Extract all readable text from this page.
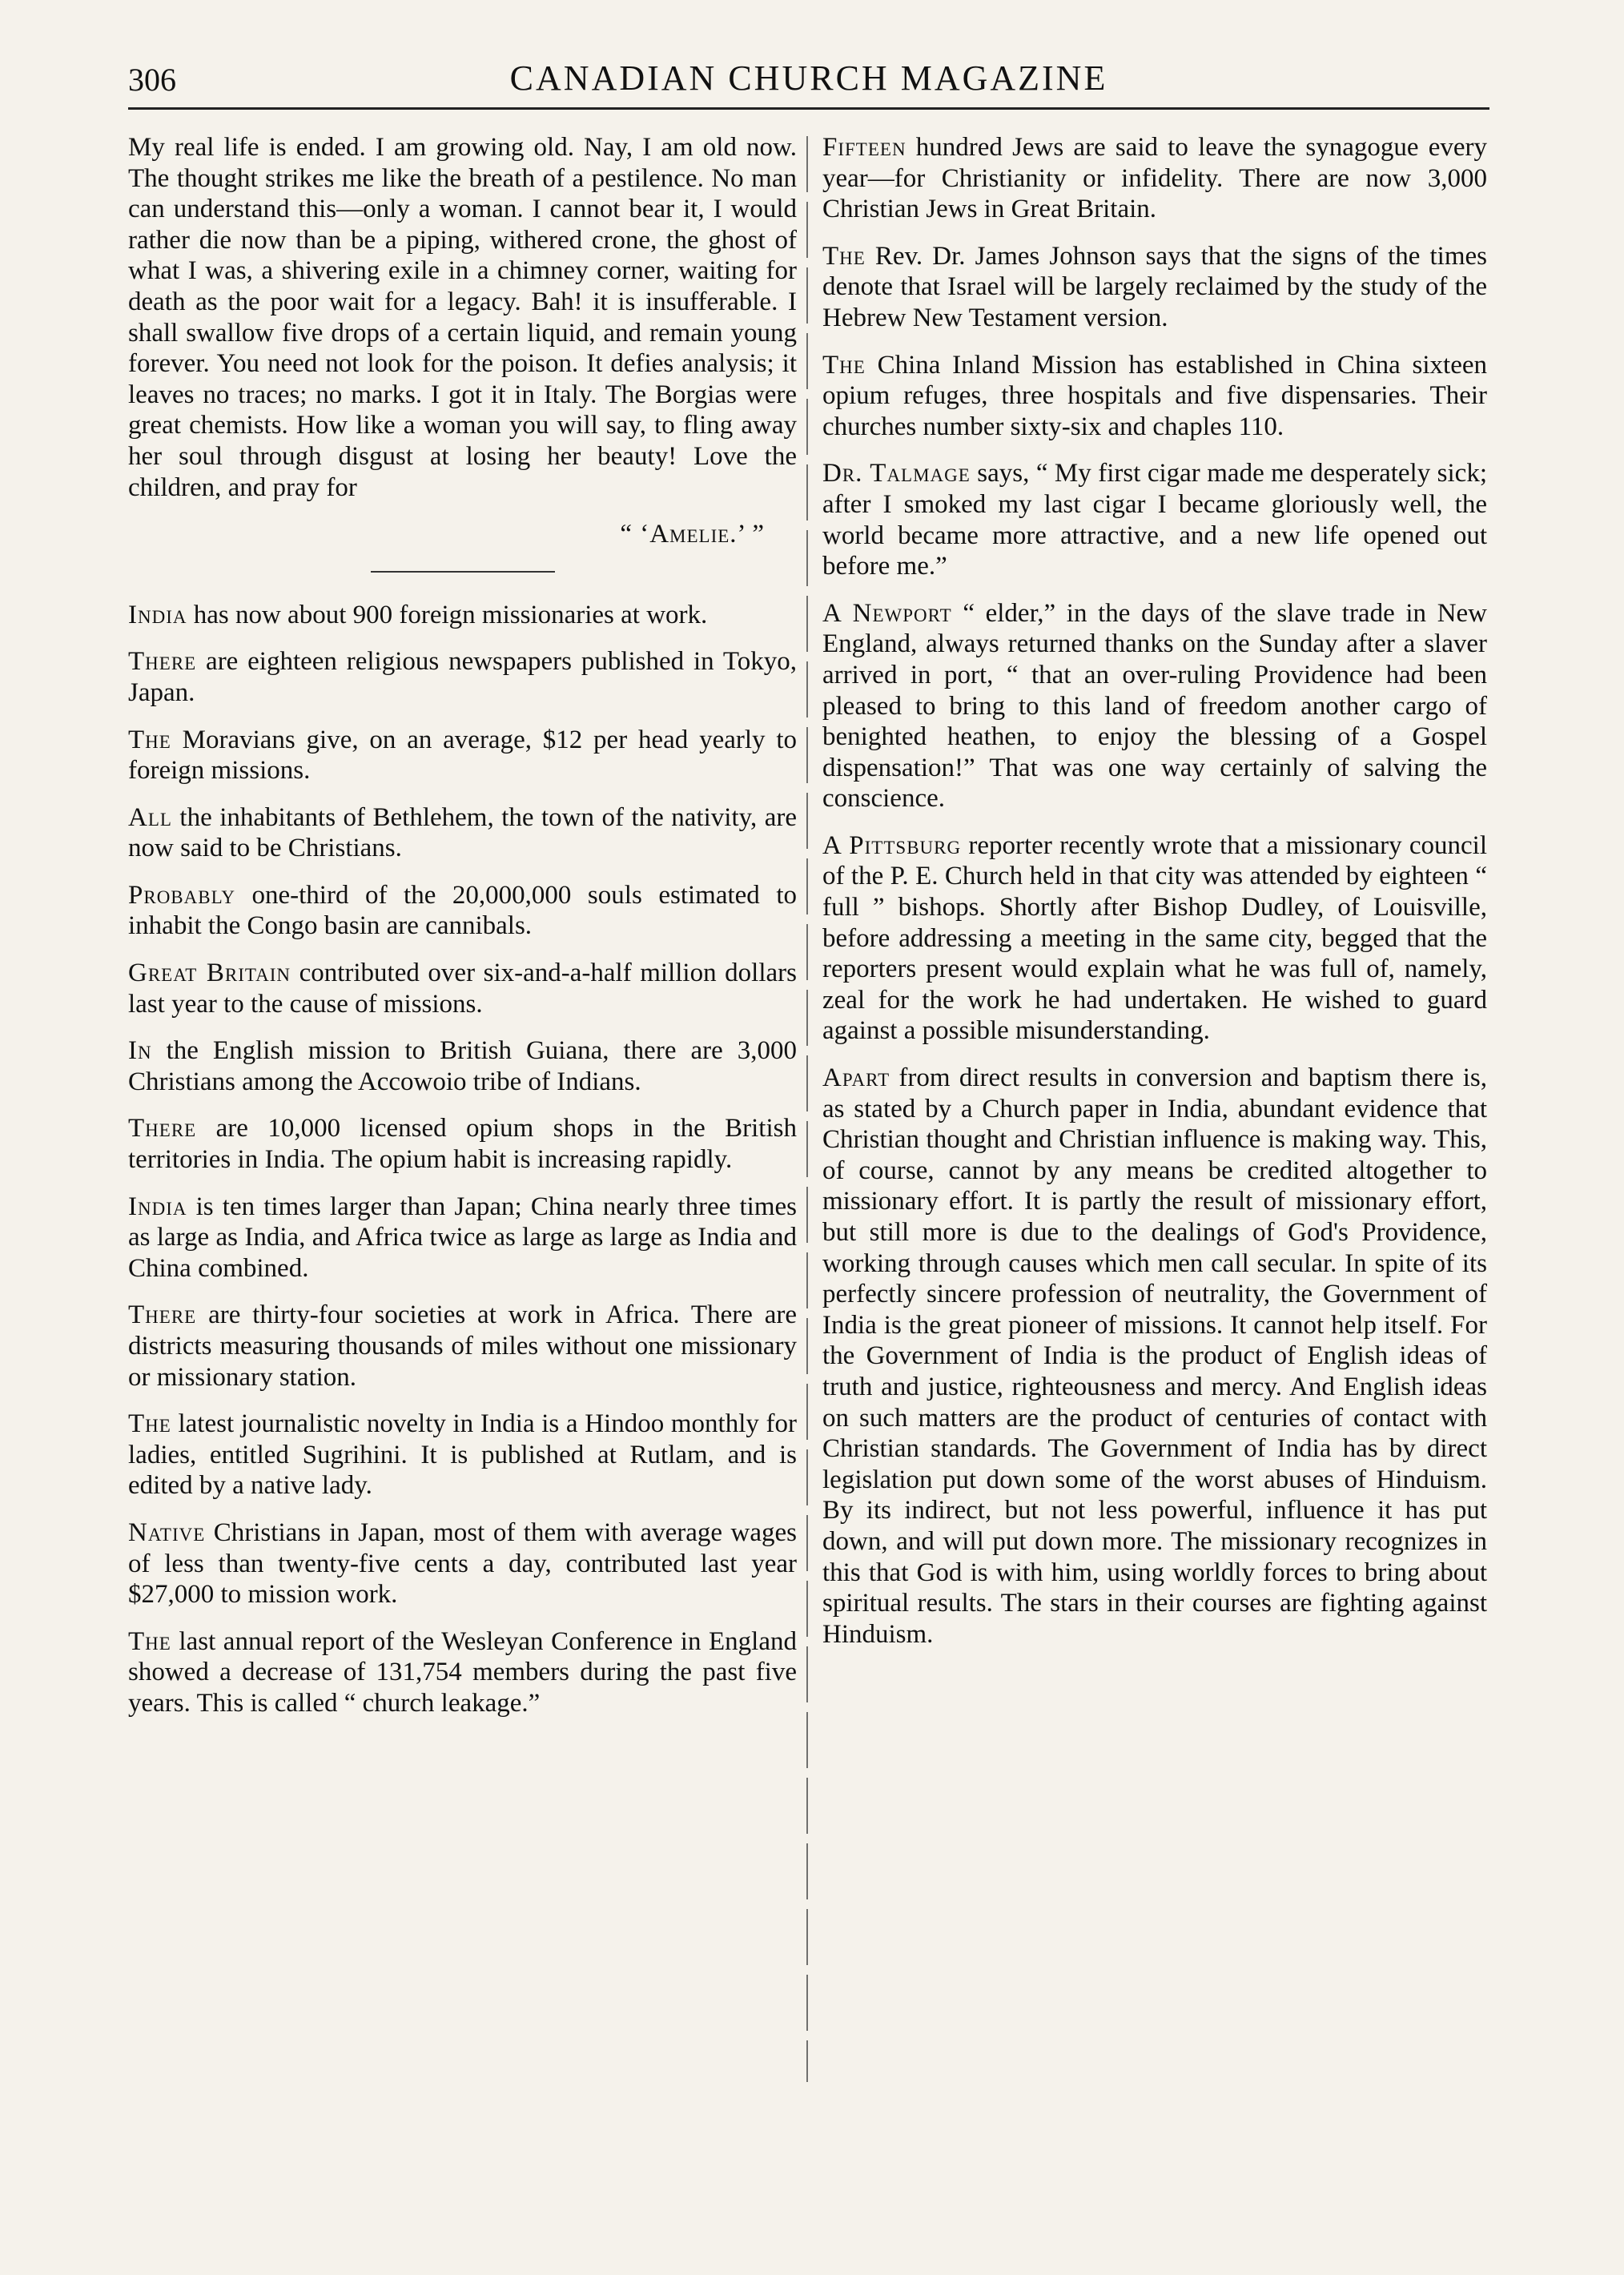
306	CANADIAN CHURCH MAGAZINE

My real life is ended. I am growing old. Nay, I am old now. The thought strikes me like the breath of a pestilence. No man can understand this—only a woman. I cannot bear it, I would rather die now than be a piping, withered crone, the ghost of what I was, a shivering exile in a chimney corner, waiting for death as the poor wait for a legacy. Bah! it is insufferable. I shall swallow five drops of a certain liquid, and remain young forever. You need not look for the poison. It defies analysis; it leaves no traces; no marks. I got it in Italy. The Borgias were great chemists. How like a woman you will say, to fling away her soul through disgust at losing her beauty! Love the children, and pray for

“ ‘Amelie.’ ”

India has now about 900 foreign missionaries at work.

There are eighteen religious newspapers published in Tokyo, Japan.

The Moravians give, on an average, $12 per head yearly to foreign missions.

All the inhabitants of Bethlehem, the town of the nativity, are now said to be Christians.

Probably one-third of the 20,000,000 souls estimated to inhabit the Congo basin are cannibals.

Great Britain contributed over six-and-a-half million dollars last year to the cause of missions.

In the English mission to British Guiana, there are 3,000 Christians among the Accowoio tribe of Indians.

There are 10,000 licensed opium shops in the British territories in India. The opium habit is increasing rapidly.

India is ten times larger than Japan; China nearly three times as large as India, and Africa twice as large as large as India and China combined.

There are thirty-four societies at work in Africa. There are districts measuring thousands of miles without one missionary or missionary station.

The latest journalistic novelty in India is a Hindoo monthly for ladies, entitled Sugrihini. It is published at Rutlam, and is edited by a native lady.

Native Christians in Japan, most of them with average wages of less than twenty-five cents a day, contributed last year $27,000 to mission work.

The last annual report of the Wesleyan Conference in England showed a decrease of 131,754 members during the past five years. This is called “ church leakage.”

Fifteen hundred Jews are said to leave the synagogue every year—for Christianity or infidelity. There are now 3,000 Christian Jews in Great Britain.

The Rev. Dr. James Johnson says that the signs of the times denote that Israel will be largely reclaimed by the study of the Hebrew New Testament version.

The China Inland Mission has established in China sixteen opium refuges, three hospitals and five dispensaries. Their churches number sixty-six and chaples 110.

Dr. Talmage says, “ My first cigar made me desperately sick; after I smoked my last cigar I became gloriously well, the world became more attractive, and a new life opened out before me.”

A Newport “ elder,” in the days of the slave trade in New England, always returned thanks on the Sunday after a slaver arrived in port, “ that an over-ruling Providence had been pleased to bring to this land of freedom another cargo of benighted heathen, to enjoy the blessing of a Gospel dispensation!” That was one way certainly of salving the conscience.

A Pittsburg reporter recently wrote that a missionary council of the P. E. Church held in that city was attended by eighteen “ full ” bishops. Shortly after Bishop Dudley, of Louisville, before addressing a meeting in the same city, begged that the reporters present would explain what he was full of, namely, zeal for the work he had undertaken. He wished to guard against a possible misunderstanding.

Apart from direct results in conversion and baptism there is, as stated by a Church paper in India, abundant evidence that Christian thought and Christian influence is making way. This, of course, cannot by any means be credited altogether to missionary effort. It is partly the result of missionary effort, but still more is due to the dealings of God's Providence, working through causes which men call secular. In spite of its perfectly sincere profession of neutrality, the Government of India is the great pioneer of missions. It cannot help itself. For the Government of India is the product of English ideas of truth and justice, righteousness and mercy. And English ideas on such matters are the product of centuries of contact with Christian standards. The Government of India has by direct legislation put down some of the worst abuses of Hinduism. By its indirect, but not less powerful, influence it has put down, and will put down more. The missionary recognizes in this that God is with him, using worldly forces to bring about spiritual results. The stars in their courses are fighting against Hinduism.
